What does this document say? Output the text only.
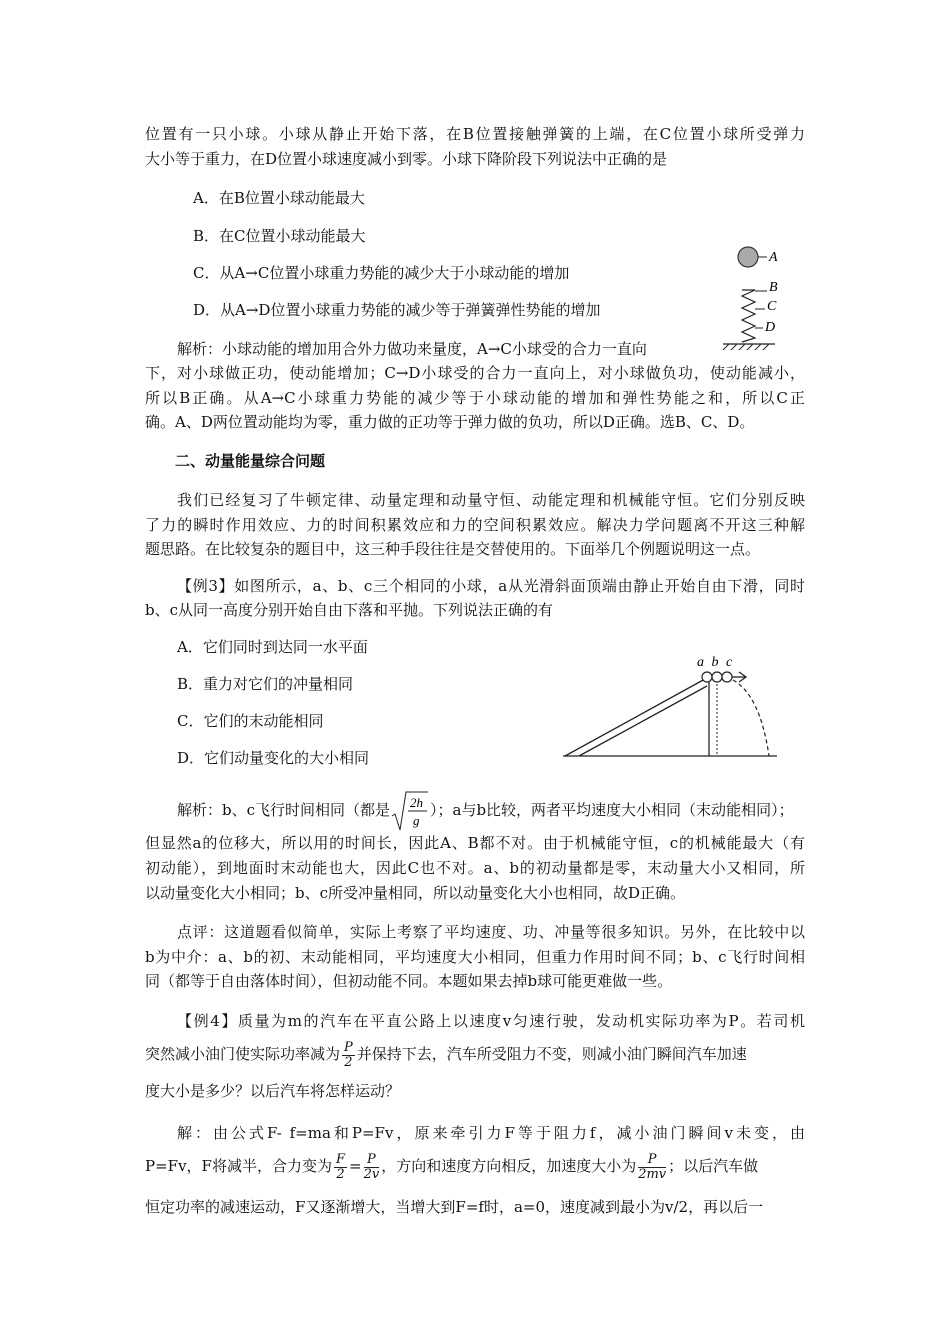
位置有一只小球。小球从静止开始下落，在B位置接触弹簧的上端，在C位置小球所受弹力
大小等于重力，在D位置小球速度减小到零。小球下降阶段下列说法中正确的是
A．在B位置小球动能最大
B．在C位置小球动能最大
C．从A→C位置小球重力势能的减少大于小球动能的增加
D．从A→D位置小球重力势能的减少等于弹簧弹性势能的增加
A
B
C
D
解析：小球动能的增加用合外力做功来量度，A→C小球受的合力一直向
下，对小球做正功，使动能增加；C→D小球受的合力一直向上，对小球做负功，使动能减小，
所以B正确。从A→C小球重力势能的减少等于小球动能的增加和弹性势能之和，所以C正
确。A、D两位置动能均为零，重力做的正功等于弹力做的负功，所以D正确。选B、C、D。
二、动量能量综合问题
我们已经复习了牛顿定律、动量定理和动量守恒、动能定理和机械能守恒。它们分别反映
了力的瞬时作用效应、力的时间积累效应和力的空间积累效应。解决力学问题离不开这三种解
题思路。在比较复杂的题目中，这三种手段往往是交替使用的。下面举几个例题说明这一点。
【例3】如图所示，a、b、c三个相同的小球，a从光滑斜面顶端由静止开始自由下滑，同时
b、c从同一高度分别开始自由下落和平抛。下列说法正确的有
A．它们同时到达同一水平面
B．重力对它们的冲量相同
C．它们的末动能相同
D．它们动量变化的大小相同
a b c
解析：b、c飞行时间相同（都是 2h
g
）；a与b比较，两者平均速度大小相同（末动能相同）；
但显然a的位移大，所以用的时间长，因此A、B都不对。由于机械能守恒，c的机械能最大（有
初动能），到地面时末动能也大，因此C也不对。a、b的初动量都是零，末动量大小又相同，所
以动量变化大小相同；b、c所受冲量相同，所以动量变化大小也相同，故D正确。
点评：这道题看似简单，实际上考察了平均速度、功、冲量等很多知识。另外，在比较中以
b为中介：a、b的初、末动能相同，平均速度大小相同，但重力作用时间不同；b、c飞行时间相
同（都等于自由落体时间），但初动能不同。本题如果去掉b球可能更难做一些。
【例4】质量为m的汽车在平直公路上以速度v匀速行驶，发动机实际功率为P。若司机
突然减小油门使实际功率减为 $\frac{P}{2}$ 并保持下去，汽车所受阻力不变，则减小油门瞬间汽车加速
度大小是多少？以后汽车将怎样运动？
解：由公式F- f=ma和P=Fv，原来牵引力F等于阻力f，减小油门瞬间v未变，由
P=Fv，F将减半，合力变为 $\frac{F}{2} = \frac{P}{2v}$ ，方向和速度方向相反，加速度大小为 $\frac{P}{2mv}$ ；以后汽车做
恒定功率的减速运动，F又逐渐增大，当增大到F=f时，a=0，速度减到最小为v/2，再以后一
